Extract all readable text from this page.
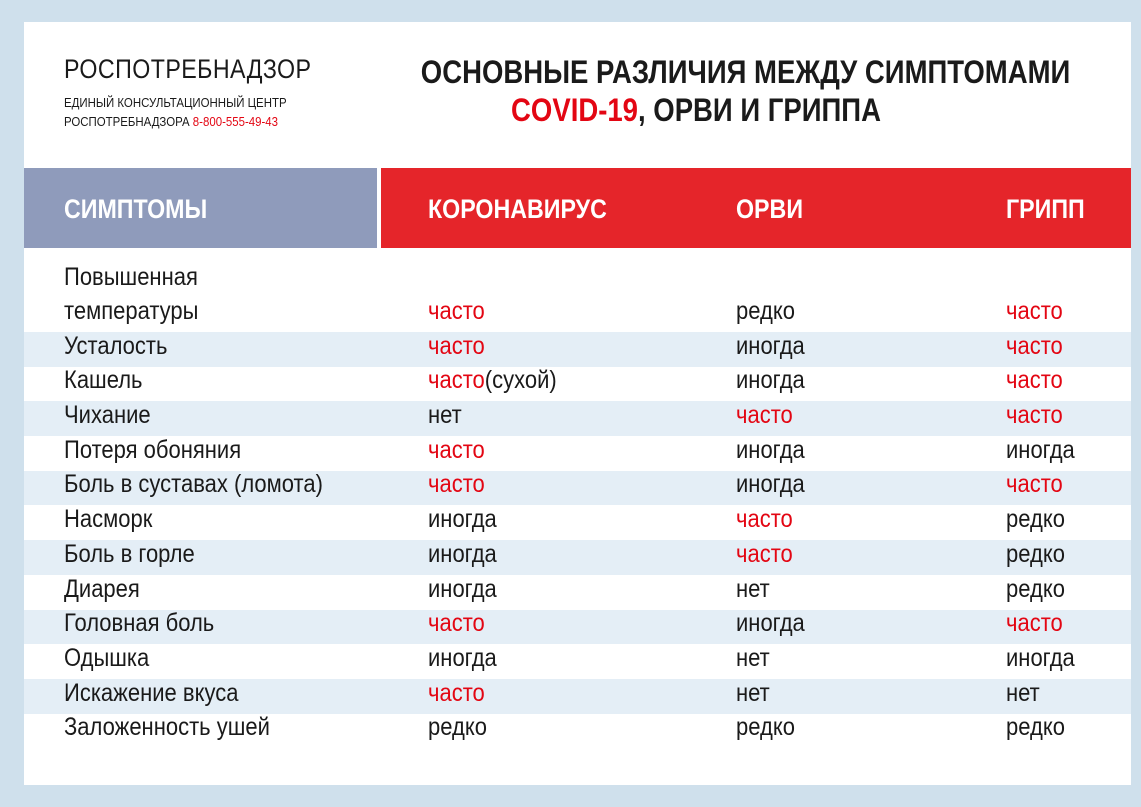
РОСПОТРЕБНАДЗОР
ЕДИНЫЙ КОНСУЛЬТАЦИОННЫЙ ЦЕНТР
РОСПОТРЕБНАДЗОРА 8-800-555-49-43
ОСНОВНЫЕ РАЗЛИЧИЯ МЕЖДУ СИМПТОМАМИ
COVID-19, ОРВИ И ГРИППА
СИМПТОМЫ	КОРОНАВИРУС	ОРВИ	ГРИПП
Повышенная температуры	часто	редко	часто
Усталость	часто	иногда	часто
Кашель	часто(сухой)	иногда	часто
Чихание	нет	часто	часто
Потеря обоняния	часто	иногда	иногда
Боль в суставах (ломота)	часто	иногда	часто
Насморк	иногда	часто	редко
Боль в горле	иногда	часто	редко
Диарея	иногда	нет	редко
Головная боль	часто	иногда	часто
Одышка	иногда	нет	иногда
Искажение вкуса	часто	нет	нет
Заложенность ушей	редко	редко	редко
